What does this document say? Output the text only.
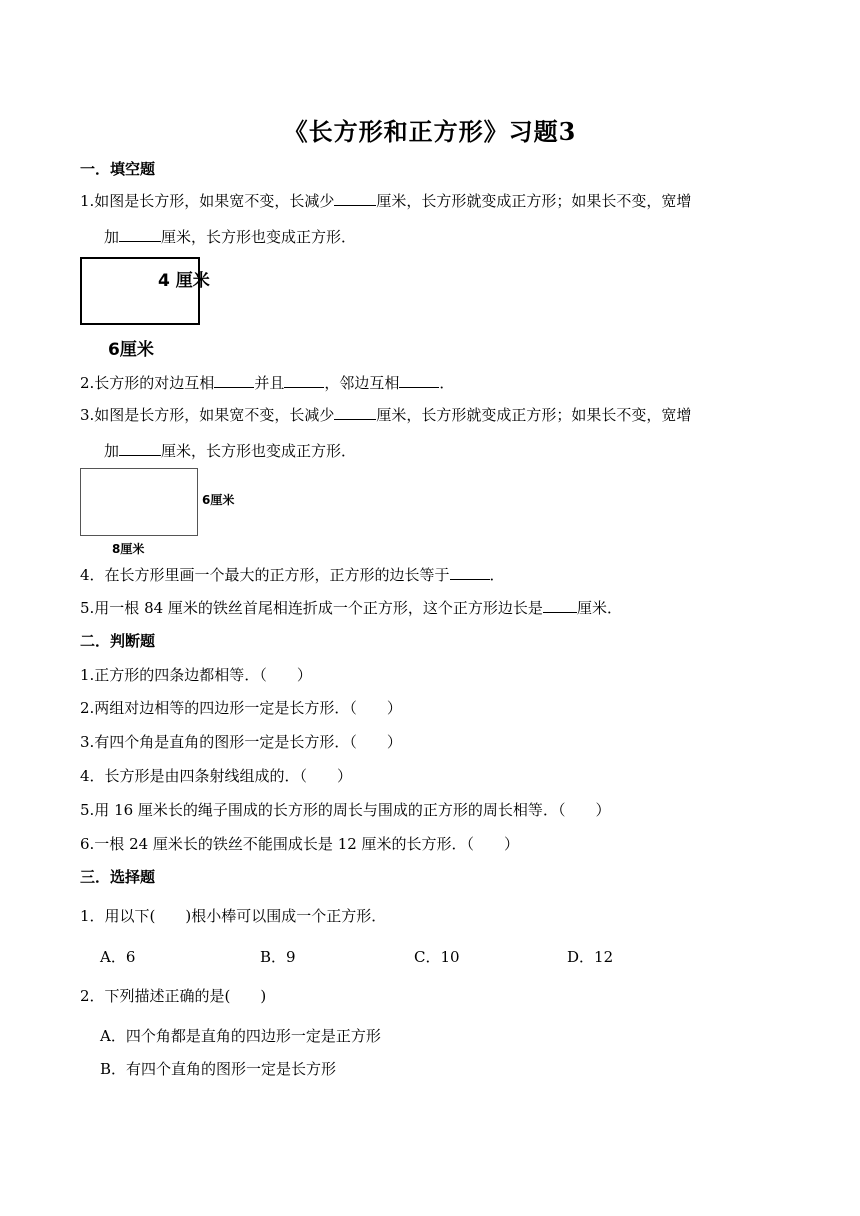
《长方形和正方形》习题3
一．填空题
1.如图是长方形，如果宽不变，长减少	厘米，长方形就变成正方形；如果长不变，宽增
加	厘米，长方形也变成正方形．
4 厘米
6厘米
2.长方形的对边互相	并且	，邻边互相	．
3.如图是长方形，如果宽不变，长减少	厘米，长方形就变成正方形；如果长不变，宽增
加	厘米，长方形也变成正方形．
6厘米
8厘米
4．在长方形里画一个最大的正方形，正方形的边长等于	．
5.用一根 84 厘米的铁丝首尾相连折成一个正方形，这个正方形边长是 厘米．
二．判断题
1.正方形的四条边都相等．（　　）
2.两组对边相等的四边形一定是长方形．（　　）
3.有四个角是直角的图形一定是长方形．（　　）
4．长方形是由四条射线组成的．（　　）
5.用 16 厘米长的绳子围成的长方形的周长与围成的正方形的周长相等．（　　）
6.一根 24 厘米长的铁丝不能围成长是 12 厘米的长方形．（　　）
三．选择题
1．用以下(　　)根小棒可以围成一个正方形．
A．6	B．9	C．10	D．12
2．下列描述正确的是(　　)
A．四个角都是直角的四边形一定是正方形
B．有四个直角的图形一定是长方形
